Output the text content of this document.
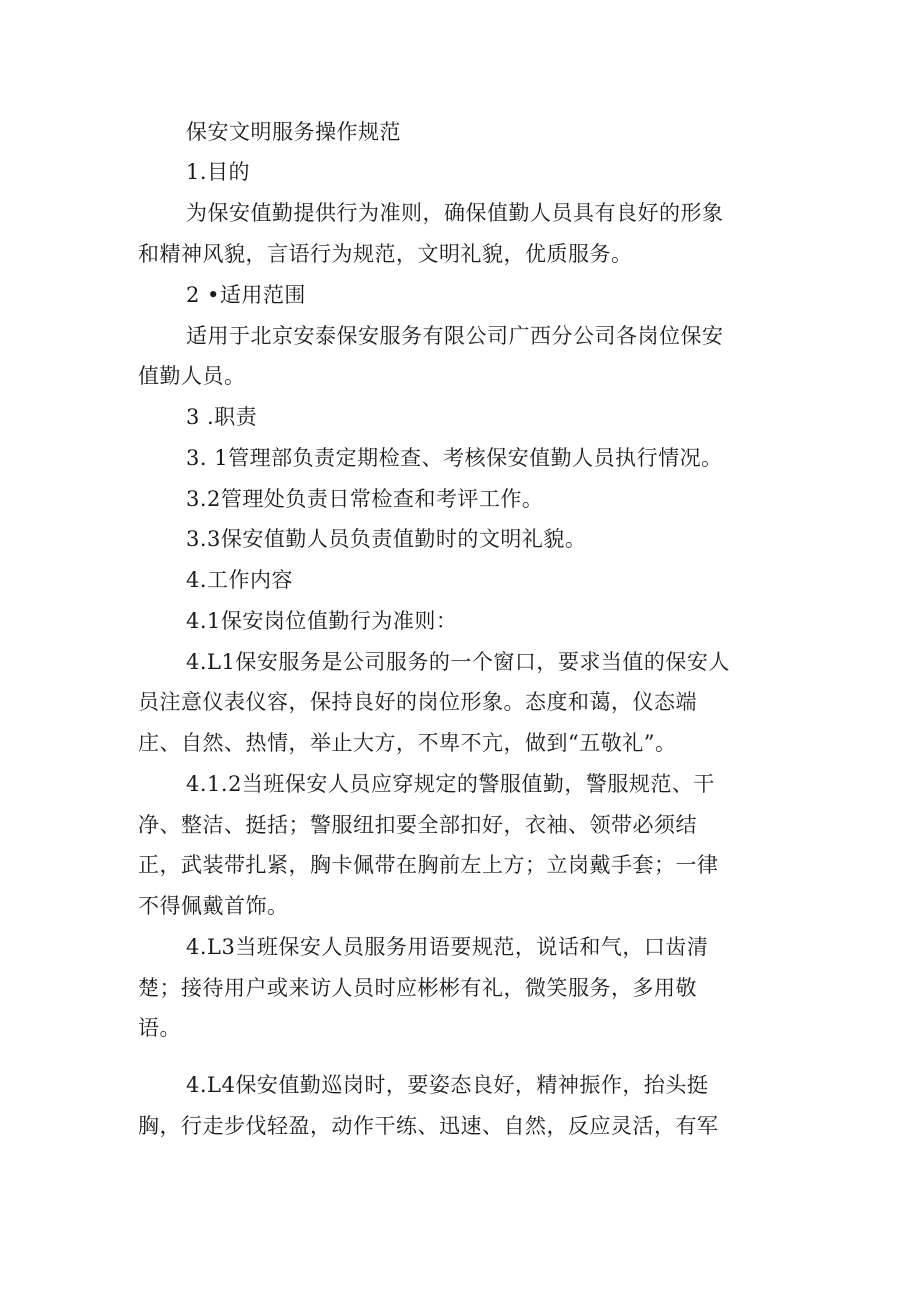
保安文明服务操作规范
1.目的
为保安值勤提供行为准则，确保值勤人员具有良好的形象
和精神风貌，言语行为规范，文明礼貌，优质服务。
2 •适用范围
适用于北京安泰保安服务有限公司广西分公司各岗位保安
值勤人员。
3 .职责
3. 1管理部负责定期检查、考核保安值勤人员执行情况。
3.2管理处负责日常检查和考评工作。
3.3保安值勤人员负责值勤时的文明礼貌。
4.工作内容
4.1保安岗位值勤行为准则：
4.L1保安服务是公司服务的一个窗口，要求当值的保安人
员注意仪表仪容，保持良好的岗位形象。态度和蔼，仪态端
庄、自然、热情，举止大方，不卑不亢，做到“五敬礼”。
4.1.2当班保安人员应穿规定的警服值勤，警服规范、干
净、整洁、挺括；警服纽扣要全部扣好，衣袖、领带必须结
正，武装带扎紧，胸卡佩带在胸前左上方；立岗戴手套；一律
不得佩戴首饰。
4.L3当班保安人员服务用语要规范，说话和气，口齿清
楚；接待用户或来访人员时应彬彬有礼，微笑服务，多用敬
语。
4.L4保安值勤巡岗时，要姿态良好，精神振作，抬头挺
胸，行走步伐轻盈，动作干练、迅速、自然，反应灵活，有军
